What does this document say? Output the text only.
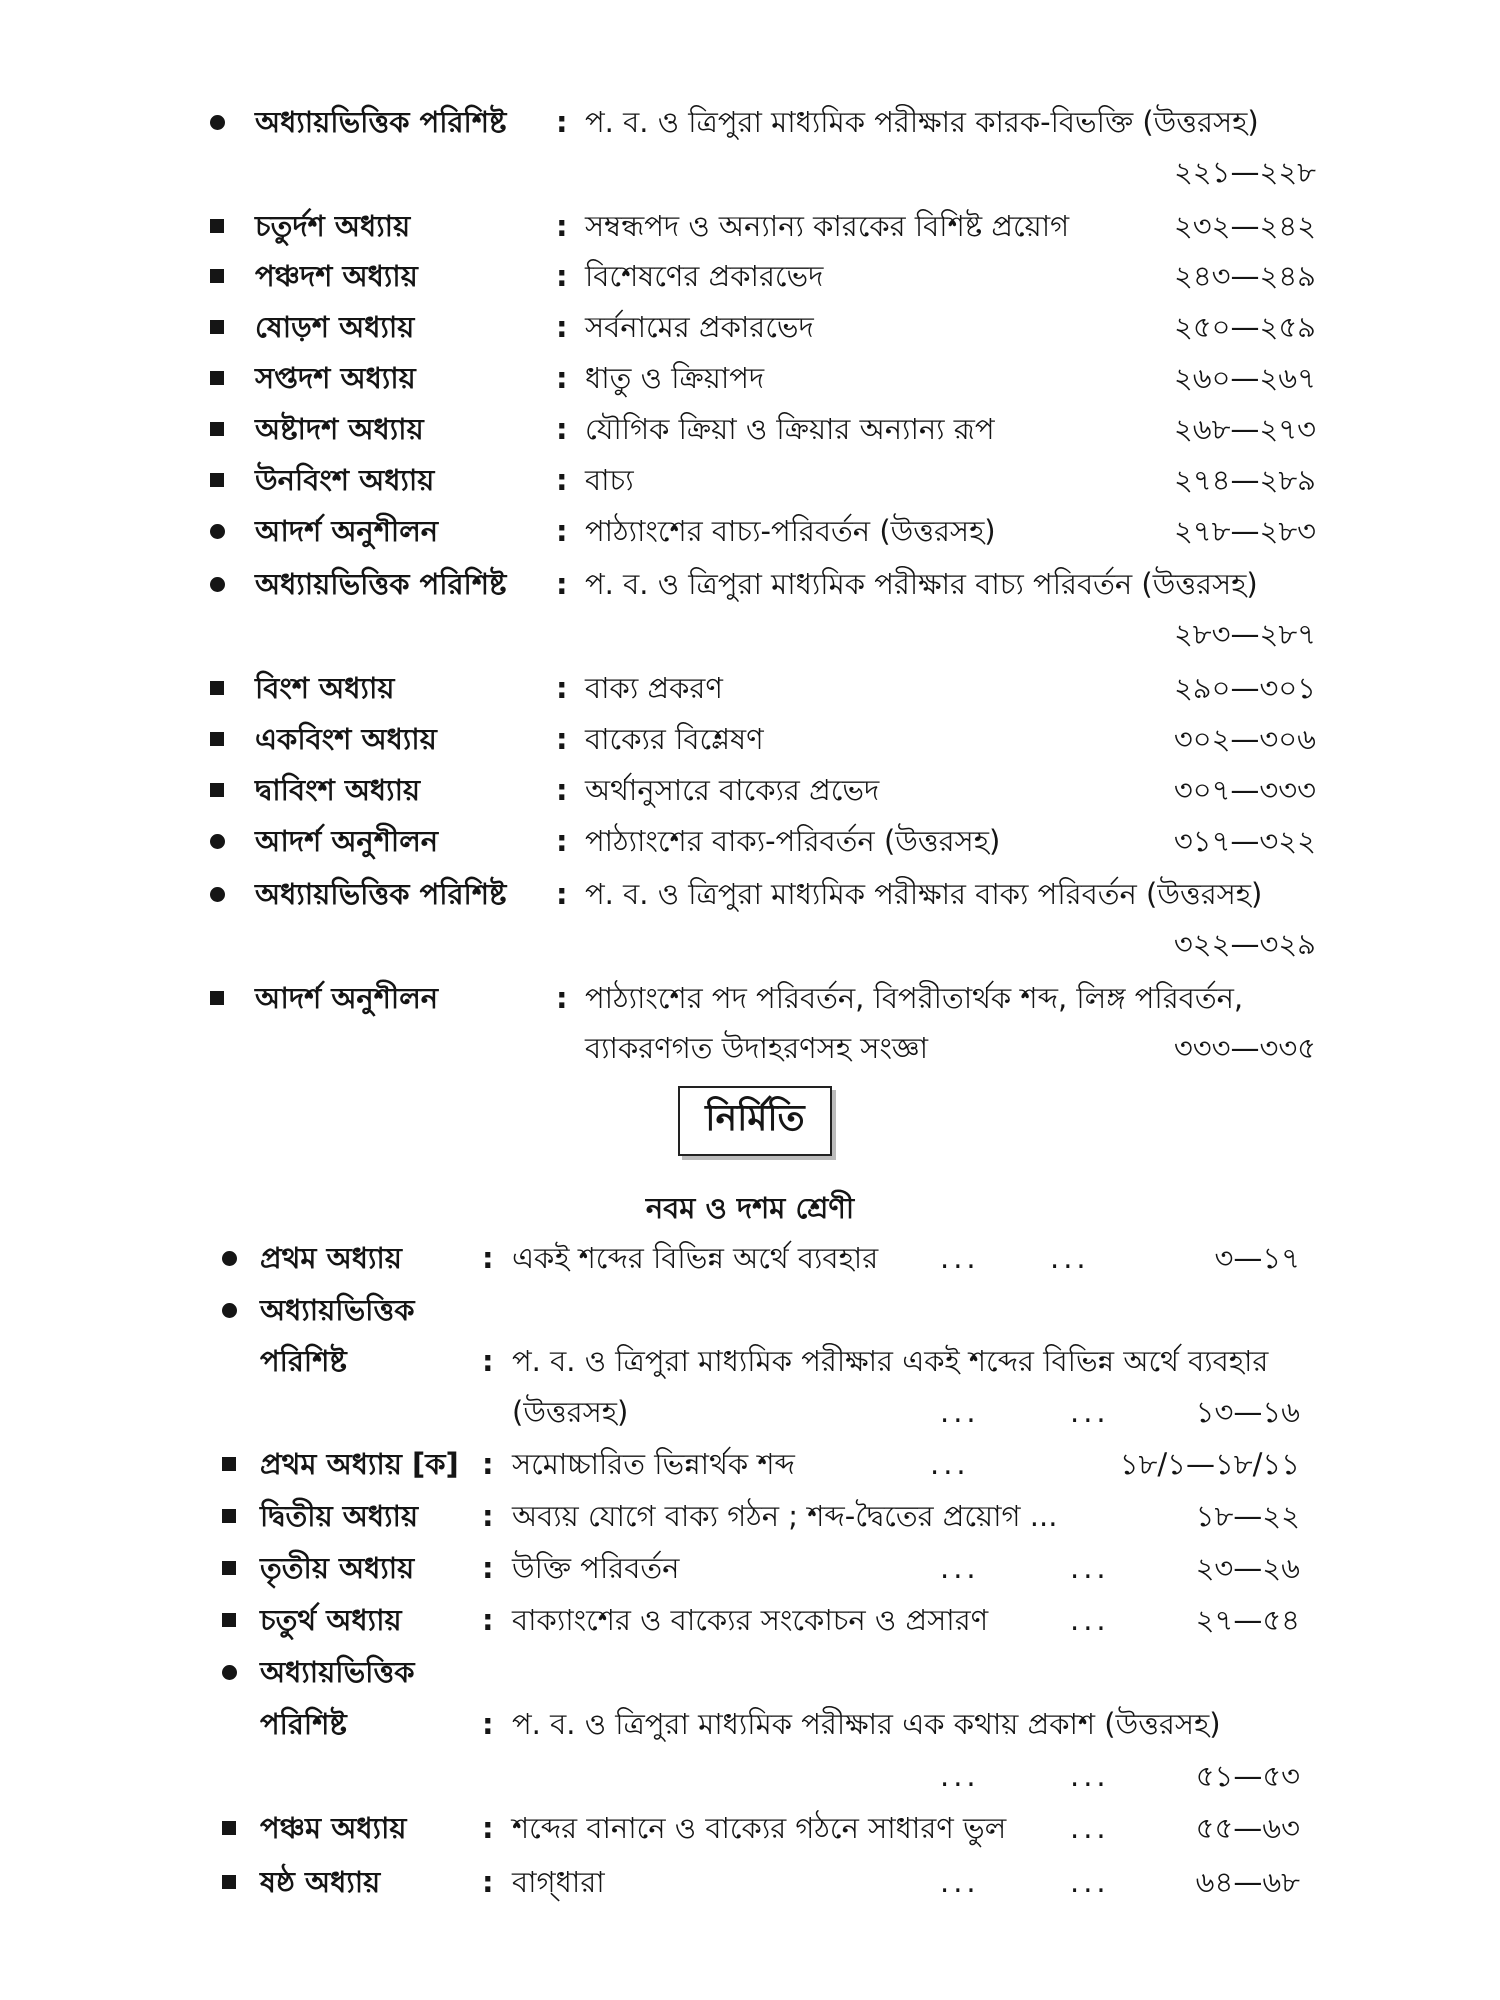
অধ্যায়ভিত্তিক পরিশিষ্ট : প. ব. ও ত্রিপুরা মাধ্যমিক পরীক্ষার কারক-বিভক্তি (উত্তরসহ)
২২১—২২৮
চতুর্দশ অধ্যায়	: সম্বন্ধপদ ও অন্যান্য কারকের বিশিষ্ট প্রয়োগ	২৩২—২৪২
পঞ্চদশ অধ্যায়	: বিশেষণের প্রকারভেদ	২৪৩—২৪৯
ষোড়শ অধ্যায়	: সর্বনামের প্রকারভেদ	২৫০—২৫৯
সপ্তদশ অধ্যায়	: ধাতু ও ক্রিয়াপদ	২৬০—২৬৭
অষ্টাদশ অধ্যায়	: যৌগিক ক্রিয়া ও ক্রিয়ার অন্যান্য রূপ	২৬৮—২৭৩
উনবিংশ অধ্যায়	: বাচ্য	২৭৪—২৮৯
আদর্শ অনুশীলন	: পাঠ্যাংশের বাচ্য-পরিবর্তন (উত্তরসহ)	২৭৮—২৮৩
অধ্যায়ভিত্তিক পরিশিষ্ট : প. ব. ও ত্রিপুরা মাধ্যমিক পরীক্ষার বাচ্য পরিবর্তন (উত্তরসহ)
২৮৩—২৮৭
বিংশ অধ্যায়	: বাক্য প্রকরণ	২৯০—৩০১
একবিংশ অধ্যায়	: বাক্যের বিশ্লেষণ	৩০২—৩০৬
দ্বাবিংশ অধ্যায়	: অর্থানুসারে বাক্যের প্রভেদ	৩০৭—৩৩৩
আদর্শ অনুশীলন	: পাঠ্যাংশের বাক্য-পরিবর্তন (উত্তরসহ)	৩১৭—৩২২
অধ্যায়ভিত্তিক পরিশিষ্ট : প. ব. ও ত্রিপুরা মাধ্যমিক পরীক্ষার বাক্য পরিবর্তন (উত্তরসহ)
৩২২—৩২৯
আদর্শ অনুশীলন	: পাঠ্যাংশের পদ পরিবর্তন, বিপরীতার্থক শব্দ, লিঙ্গ পরিবর্তন,
ব্যাকরণগত উদাহরণসহ সংজ্ঞা	৩৩৩—৩৩৫
নির্মিতি
নবম ও দশম শ্রেণী
প্রথম অধ্যায়	: একই শব্দের বিভিন্ন অর্থে ব্যবহার ... ...	৩—১৭
অধ্যায়ভিত্তিক
পরিশিষ্ট	: প. ব. ও ত্রিপুরা মাধ্যমিক পরীক্ষার একই শব্দের বিভিন্ন অর্থে ব্যবহার
(উত্তরসহ)	...	...	১৩—১৬
প্রথম অধ্যায় [ক] : সমোচ্চারিত ভিন্নার্থক শব্দ	...	১৮/১—১৮/১১
দ্বিতীয় অধ্যায় : অব্যয় যোগে বাক্য গঠন ; শব্দ-দ্বৈতের প্রয়োগ ...	১৮—২২
তৃতীয় অধ্যায় : উক্তি পরিবর্তন	...	...	২৩—২৬
চতুর্থ অধ্যায়	: বাক্যাংশের ও বাক্যের সংকোচন ও প্রসারণ	...	২৭—৫৪
অধ্যায়ভিত্তিক
পরিশিষ্ট	: প. ব. ও ত্রিপুরা মাধ্যমিক পরীক্ষার এক কথায় প্রকাশ (উত্তরসহ)
...	...	৫১—৫৩
পঞ্চম অধ্যায়	: শব্দের বানানে ও বাক্যের গঠনে সাধারণ ভুল ...	৫৫—৬৩
ষষ্ঠ অধ্যায়	: বাগ্‌ধারা	...	...	৬৪—৬৮
